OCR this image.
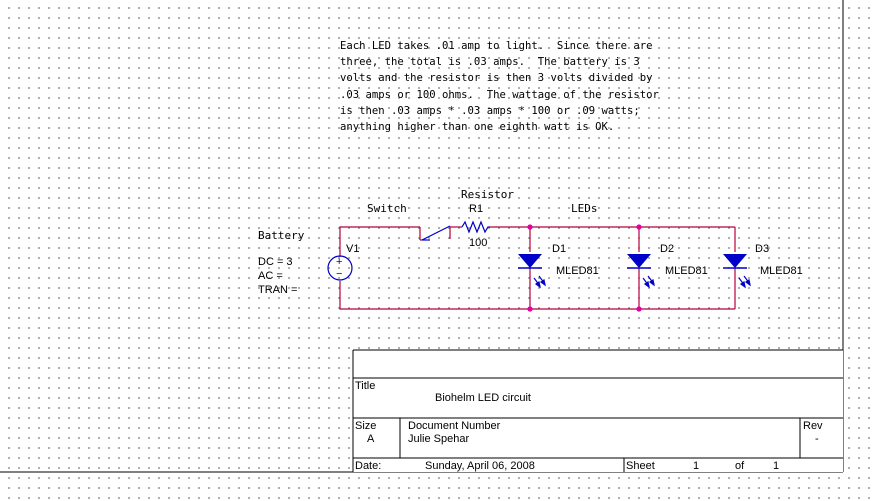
Each LED takes .01 amp to light.  Since there are
three, the total is .03 amps.  The battery is 3
volts and the resistor is then 3 volts divided by
.03 amps or 100 ohms.  The wattage of the resistor
is then .03 amps * .03 amps * 100 or .09 watts;
anything higher than one eighth watt is OK.
+
−
Battery
V1
DC = 3
AC =
TRAN =
Switch
Resistor
R1
100
LEDs
D1
MLED81
D2
MLED81
D3
MLED81
Title
Biohelm LED circuit
Size
A
Document Number
Julie Spehar
Rev
-
Date:	Sunday, April 06, 2008	Sheet	1	of	1
